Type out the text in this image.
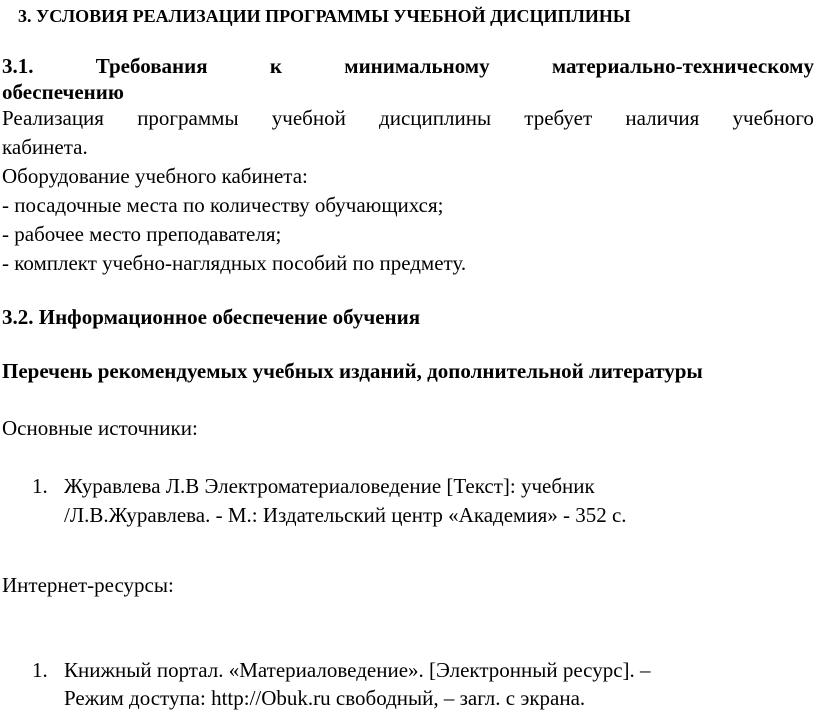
3. УСЛОВИЯ РЕАЛИЗАЦИИ ПРОГРАММЫ УЧЕБНОЙ ДИСЦИПЛИНЫ
3.1.	Требования	к	минимальному	материально-техническому
обеспечению
Реализация программы учебной дисциплины требует наличия учебного
кабинета.
Оборудование учебного кабинета:
- посадочные места по количеству обучающихся;
- рабочее место преподавателя;
- комплект учебно-наглядных пособий по предмету.
3.2. Информационное обеспечение обучения
Перечень рекомендуемых учебных изданий, дополнительной литературы
Основные источники:
1. Журавлева Л.В Электроматериаловедение [Текст]: учебник
/Л.В.Журавлева. - М.: Издательский центр «Академия» - 352 с.
Интернет-ресурсы:
1. Книжный портал. «Материаловедение». [Электронный ресурс]. –
Режим доступа: http://Obuk.ru свободный, – загл. с экрана.
